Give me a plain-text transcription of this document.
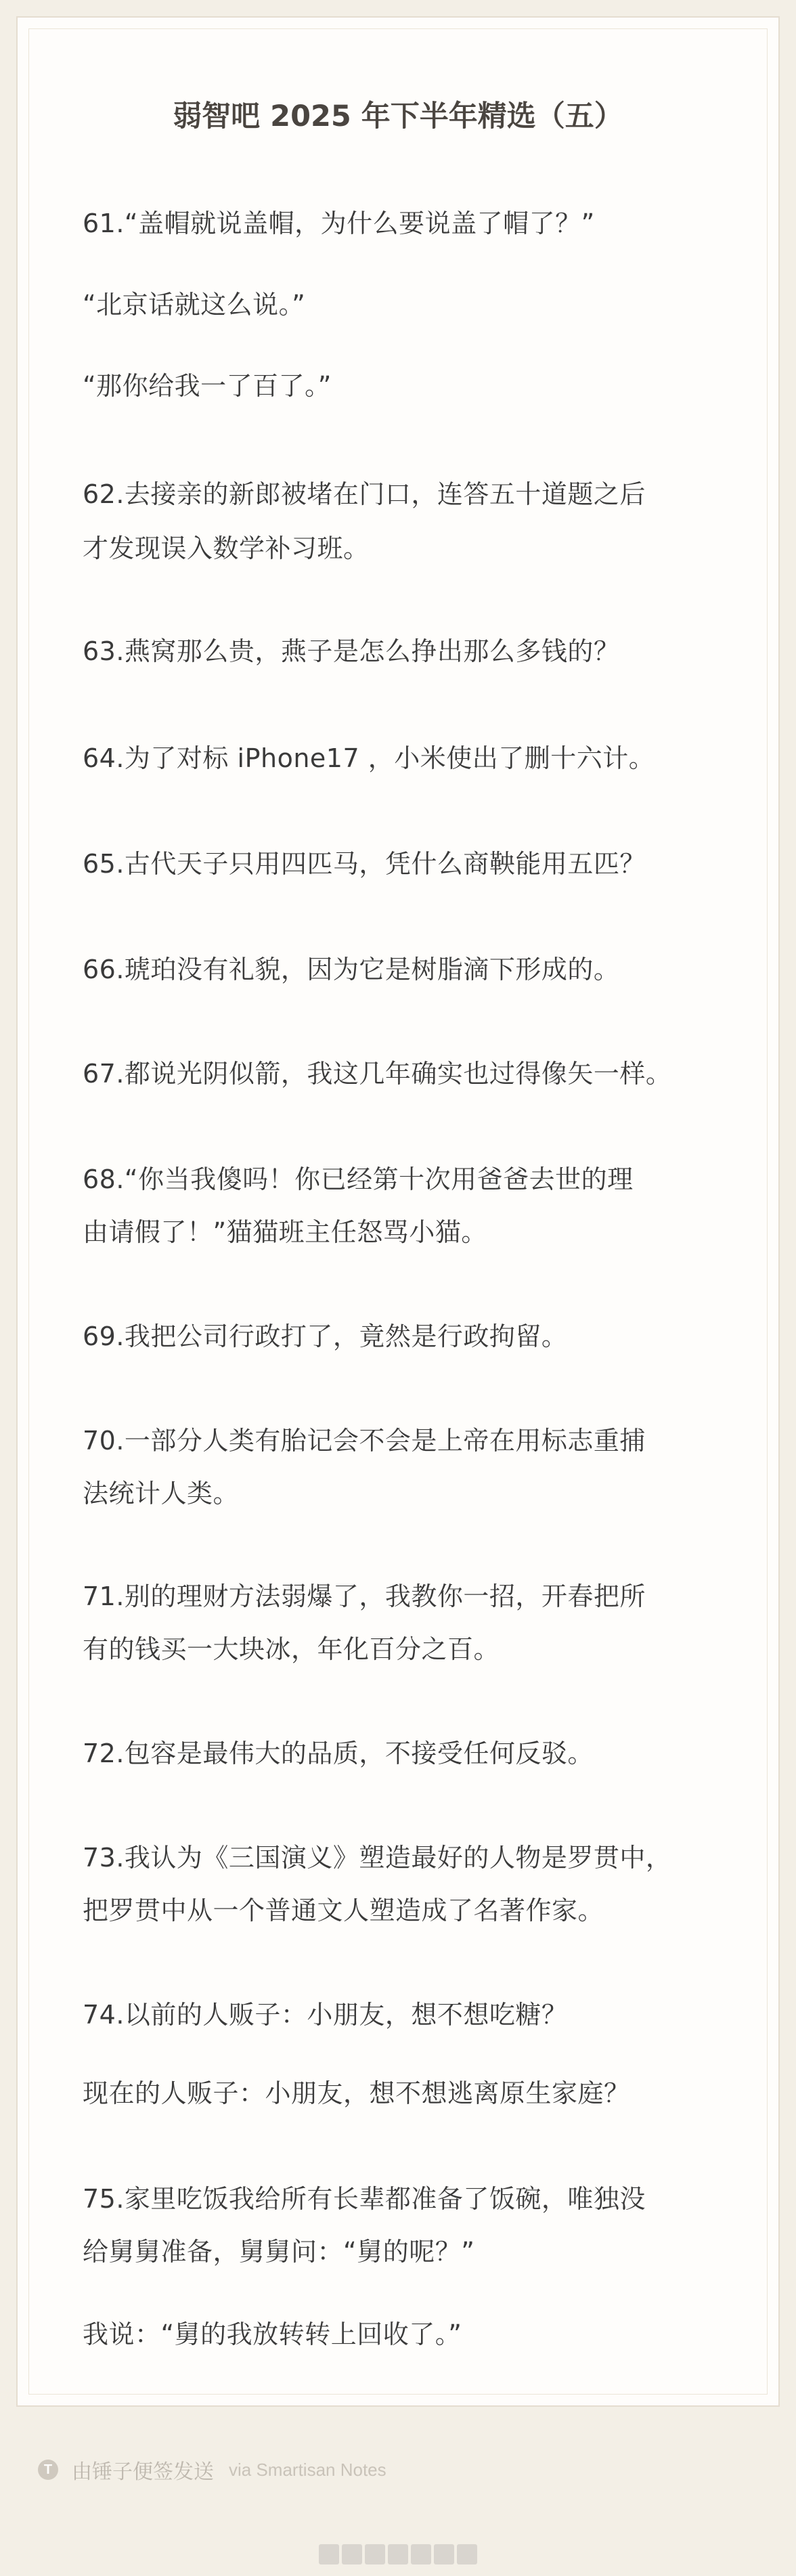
弱智吧 2025 年下半年精选（五）
61.“盖帽就说盖帽，为什么要说盖了帽了？”
“北京话就这么说。”
“那你给我一了百了。”
62.去接亲的新郎被堵在门口，连答五十道题之后
才发现误入数学补习班。
63.燕窝那么贵，燕子是怎么挣出那么多钱的？
64.为了对标 iPhone17 ，小米使出了删十六计。
65.古代天子只用四匹马，凭什么商鞅能用五匹？
66.琥珀没有礼貌，因为它是树脂滴下形成的。
67.都说光阴似箭，我这几年确实也过得像矢一样。
68.“你当我傻吗！你已经第十次用爸爸去世的理
由请假了！”猫猫班主任怒骂小猫。
69.我把公司行政打了，竟然是行政拘留。
70.一部分人类有胎记会不会是上帝在用标志重捕
法统计人类。
71.别的理财方法弱爆了，我教你一招，开春把所
有的钱买一大块冰，年化百分之百。
72.包容是最伟大的品质，不接受任何反驳。
73.我认为《三国演义》塑造最好的人物是罗贯中，
把罗贯中从一个普通文人塑造成了名著作家。
74.以前的人贩子：小朋友，想不想吃糖？
现在的人贩子：小朋友，想不想逃离原生家庭？
75.家里吃饭我给所有长辈都准备了饭碗，唯独没
给舅舅准备，舅舅问：“舅的呢？”
我说：“舅的我放转转上回收了。”
T 由锤子便签发送 via Smartisan Notes
